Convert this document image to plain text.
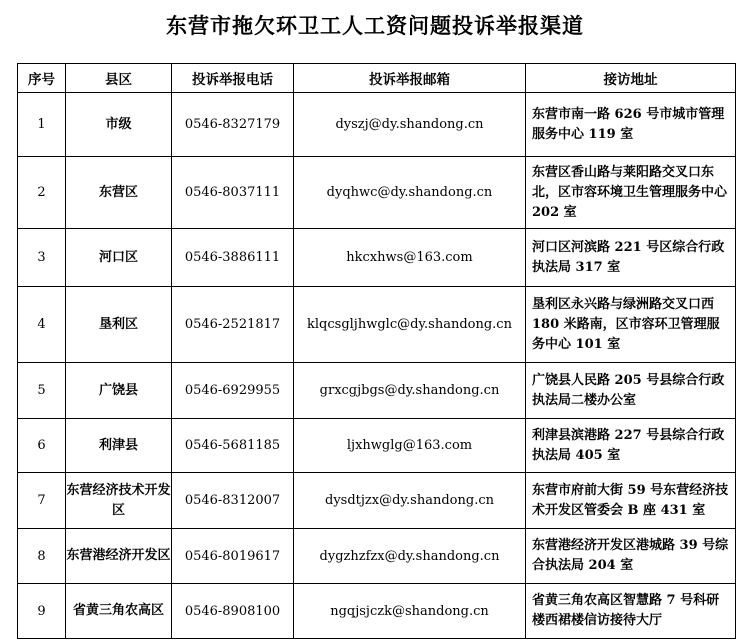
东营市拖欠环卫工人工资问题投诉举报渠道
序号	县区	投诉举报电话	投诉举报邮箱	接访地址
1	市级	0546-8327179	dyszj@dy.shandong.cn	东营市南一路 626 号市城市管理服务中心 119 室
2	东营区	0546-8037111	dyqhwc@dy.shandong.cn	东营区香山路与莱阳路交叉口东北，区市容环境卫生管理服务中心 202 室
3	河口区	0546-3886111	hkcxhws@163.com	河口区河滨路 221 号区综合行政执法局 317 室
4	垦利区	0546-2521817	klqcsgljhwglc@dy.shandong.cn	垦利区永兴路与绿洲路交叉口西 180 米路南，区市容环卫管理服务中心 101 室
5	广饶县	0546-6929955	grxcgjbgs@dy.shandong.cn	广饶县人民路 205 号县综合行政执法局二楼办公室
6	利津县	0546-5681185	ljxhwglg@163.com	利津县滨港路 227 号县综合行政执法局 405 室
7	东营经济技术开发区	0546-8312007	dysdtjzx@dy.shandong.cn	东营市府前大街 59 号东营经济技术开发区管委会 B 座 431 室
8	东营港经济开发区	0546-8019617	dygzhzfzx@dy.shandong.cn	东营港经济开发区港城路 39 号综合执法局 204 室
9	省黄三角农高区	0546-8908100	ngqjsjczk@shandong.cn	省黄三角农高区智慧路 7 号科研楼西裙楼信访接待大厅
